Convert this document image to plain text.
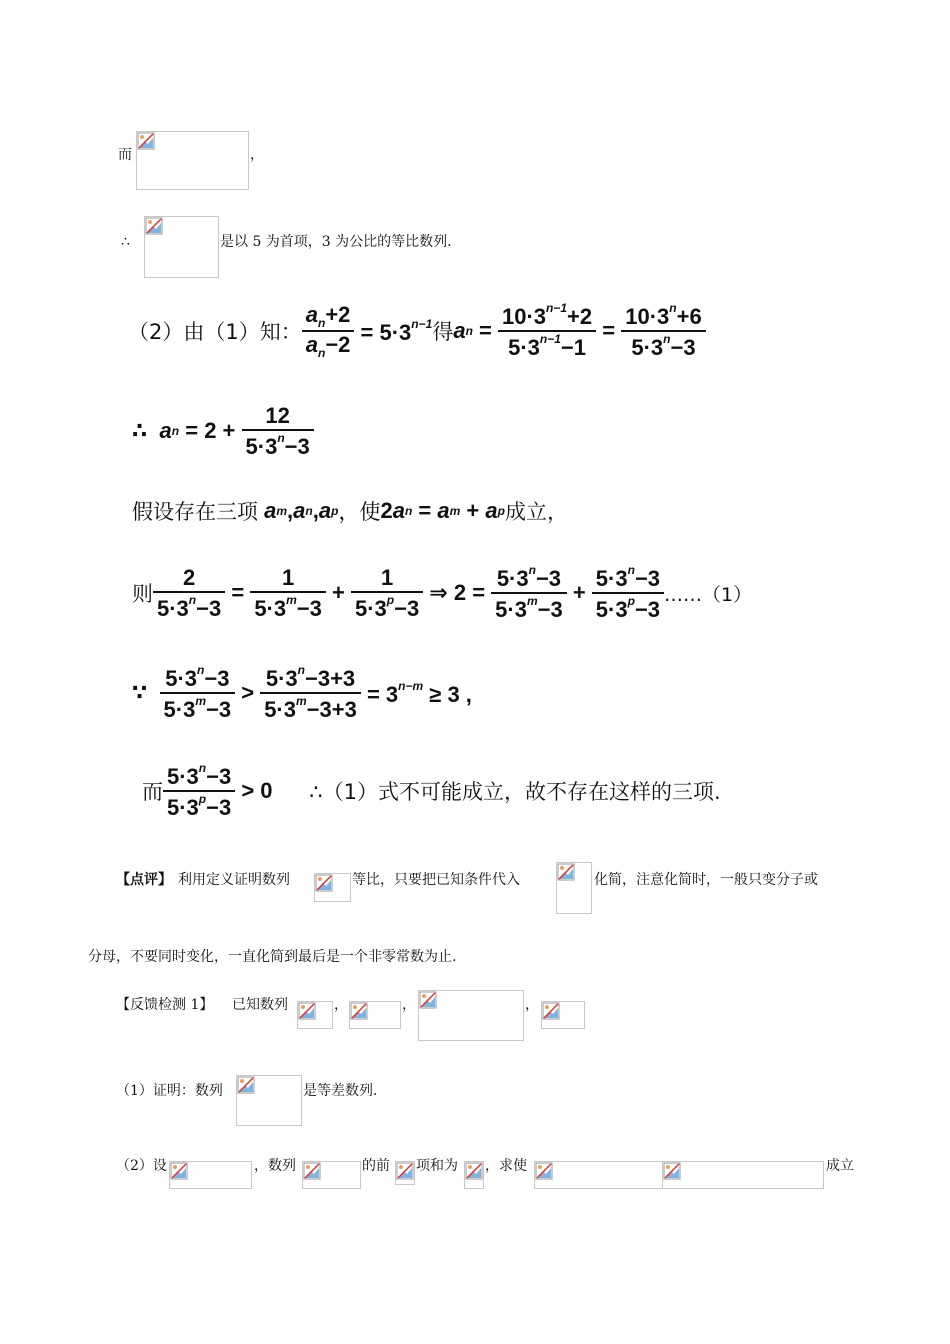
而	，
∴	是以 5 为首项，3 为公比的等比数列.
（2）由（1）知： $\frac{a_n+2}{a_n-2} = 5\cdot 3^{n-1}$ 得 a $n = \frac{10\cdot 3^{n-1}+2}{5\cdot 3^{n-1}-1} = \frac{10\cdot 3^n+6}{5\cdot 3^n-3}$
∴ a $n = 2 + \frac{12}{5\cdot 3^n-3}$
假设存在三项 a m , a n , a p ，使 2 a n = a m + a p 成立，
则 $\frac{2}{5\cdot 3^n-3} = \frac{1}{5\cdot 3^m-3} + \frac{1}{5\cdot 3^p-3}$ ⇒ $2 = \frac{5\cdot 3^n-3}{5\cdot 3^m-3} + \frac{5\cdot 3^n-3}{5\cdot 3^p-3}$ ……（1）
∵
$\frac{5\cdot 3^n-3}{5\cdot 3^m-3} > \frac{5\cdot 3^n-3+3}{5\cdot 3^m-3+3} = 3^{n-m} \ge 3$ ,
而 $\frac{5\cdot 3^n-3}{5\cdot 3^p-3} > 0$ ∴（1）式不可能成立，故不存在这样的三项.
【点评】 利用定义证明数列	等比，只要把已知条件代入	化简，注意化简时，一般只变分子或
分母，不要同时变化，一直化简到最后是一个非零常数为止.
【反馈检测 1】 已知数列	，	，	，
（1）证明：数列	是等差数列.
（2）设	，数列	的前 项和为 ，求使	成立
